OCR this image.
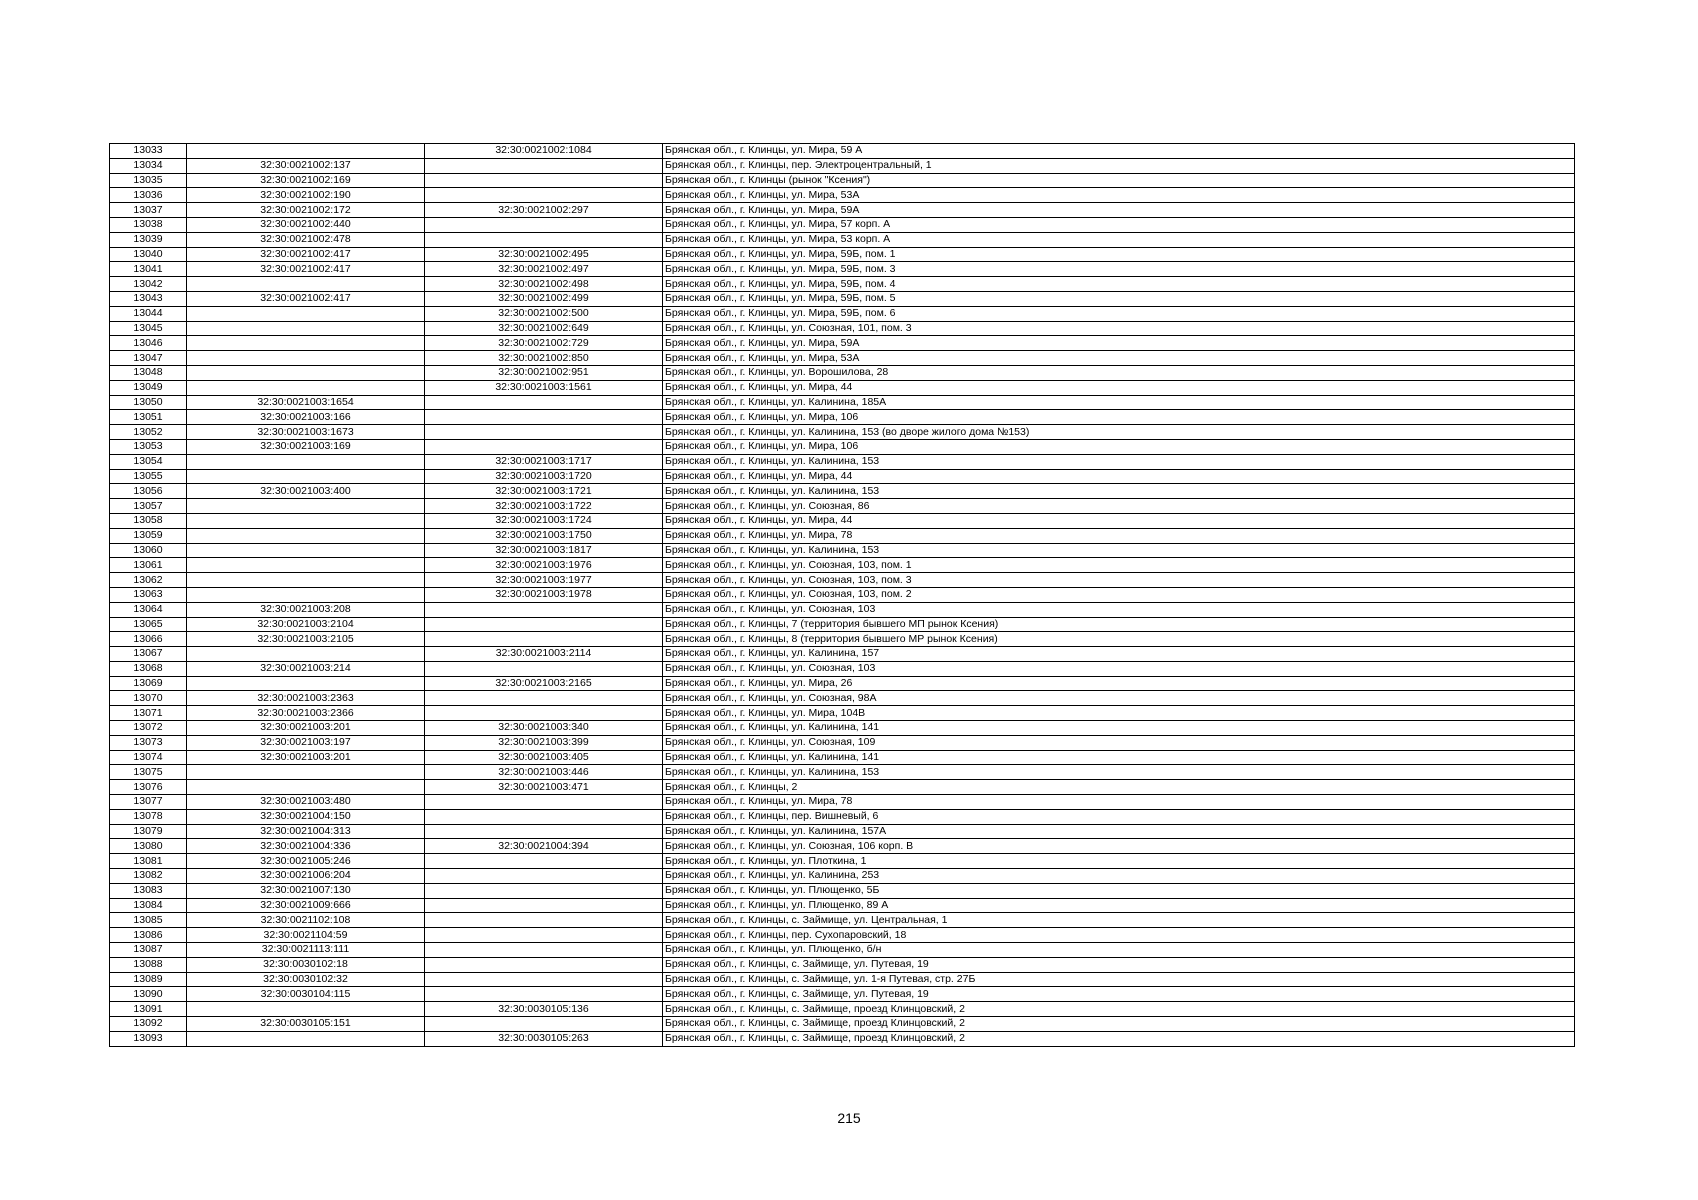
13033		32:30:0021002:1084	Брянская обл., г. Клинцы, ул. Мира, 59 А
13034	32:30:0021002:137		Брянская обл., г. Клинцы, пер. Электроцентральный, 1
13035	32:30:0021002:169		Брянская обл., г. Клинцы (рынок "Ксения")
13036	32:30:0021002:190		Брянская обл., г. Клинцы, ул. Мира, 53А
13037	32:30:0021002:172	32:30:0021002:297	Брянская обл., г. Клинцы, ул. Мира, 59А
13038	32:30:0021002:440		Брянская обл., г. Клинцы, ул. Мира, 57 корп. А
13039	32:30:0021002:478		Брянская обл., г. Клинцы, ул. Мира, 53 корп. А
13040	32:30:0021002:417	32:30:0021002:495	Брянская обл., г. Клинцы, ул. Мира, 59Б, пом. 1
13041	32:30:0021002:417	32:30:0021002:497	Брянская обл., г. Клинцы, ул. Мира, 59Б, пом. 3
13042		32:30:0021002:498	Брянская обл., г. Клинцы, ул. Мира, 59Б, пом. 4
13043	32:30:0021002:417	32:30:0021002:499	Брянская обл., г. Клинцы, ул. Мира, 59Б, пом. 5
13044		32:30:0021002:500	Брянская обл., г. Клинцы, ул. Мира, 59Б, пом. 6
13045		32:30:0021002:649	Брянская обл., г. Клинцы, ул. Союзная, 101, пом. 3
13046		32:30:0021002:729	Брянская обл., г. Клинцы, ул. Мира, 59А
13047		32:30:0021002:850	Брянская обл., г. Клинцы, ул. Мира, 53А
13048		32:30:0021002:951	Брянская обл., г. Клинцы, ул. Ворошилова, 28
13049		32:30:0021003:1561	Брянская обл., г. Клинцы, ул. Мира, 44
13050	32:30:0021003:1654		Брянская обл., г. Клинцы, ул. Калинина, 185А
13051	32:30:0021003:166		Брянская обл., г. Клинцы, ул. Мира, 106
13052	32:30:0021003:1673		Брянская обл., г. Клинцы, ул. Калинина, 153 (во дворе жилого дома №153)
13053	32:30:0021003:169		Брянская обл., г. Клинцы, ул. Мира, 106
13054		32:30:0021003:1717	Брянская обл., г. Клинцы, ул. Калинина, 153
13055		32:30:0021003:1720	Брянская обл., г. Клинцы, ул. Мира, 44
13056	32:30:0021003:400	32:30:0021003:1721	Брянская обл., г. Клинцы, ул. Калинина, 153
13057		32:30:0021003:1722	Брянская обл., г. Клинцы, ул. Союзная, 86
13058		32:30:0021003:1724	Брянская обл., г. Клинцы, ул. Мира, 44
13059		32:30:0021003:1750	Брянская обл., г. Клинцы, ул. Мира, 78
13060		32:30:0021003:1817	Брянская обл., г. Клинцы, ул. Калинина, 153
13061		32:30:0021003:1976	Брянская обл., г. Клинцы, ул. Союзная, 103, пом. 1
13062		32:30:0021003:1977	Брянская обл., г. Клинцы, ул. Союзная, 103, пом. 3
13063		32:30:0021003:1978	Брянская обл., г. Клинцы, ул. Союзная, 103, пом. 2
13064	32:30:0021003:208		Брянская обл., г. Клинцы, ул. Союзная, 103
13065	32:30:0021003:2104		Брянская обл., г. Клинцы, 7 (территория бывшего МП рынок Ксения)
13066	32:30:0021003:2105		Брянская обл., г. Клинцы, 8 (территория бывшего МР рынок Ксения)
13067		32:30:0021003:2114	Брянская обл., г. Клинцы, ул. Калинина, 157
13068	32:30:0021003:214		Брянская обл., г. Клинцы, ул. Союзная, 103
13069		32:30:0021003:2165	Брянская обл., г. Клинцы, ул. Мира, 26
13070	32:30:0021003:2363		Брянская обл., г. Клинцы, ул. Союзная, 98А
13071	32:30:0021003:2366		Брянская обл., г. Клинцы, ул. Мира, 104В
13072	32:30:0021003:201	32:30:0021003:340	Брянская обл., г. Клинцы, ул. Калинина, 141
13073	32:30:0021003:197	32:30:0021003:399	Брянская обл., г. Клинцы, ул. Союзная, 109
13074	32:30:0021003:201	32:30:0021003:405	Брянская обл., г. Клинцы, ул. Калинина, 141
13075		32:30:0021003:446	Брянская обл., г. Клинцы, ул. Калинина, 153
13076		32:30:0021003:471	Брянская обл., г. Клинцы, 2
13077	32:30:0021003:480		Брянская обл., г. Клинцы, ул. Мира, 78
13078	32:30:0021004:150		Брянская обл., г. Клинцы, пер. Вишневый, 6
13079	32:30:0021004:313		Брянская обл., г. Клинцы, ул. Калинина, 157А
13080	32:30:0021004:336	32:30:0021004:394	Брянская обл., г. Клинцы, ул. Союзная, 106 корп. В
13081	32:30:0021005:246		Брянская обл., г. Клинцы, ул. Плоткина, 1
13082	32:30:0021006:204		Брянская обл., г. Клинцы, ул. Калинина, 253
13083	32:30:0021007:130		Брянская обл., г. Клинцы, ул. Плющенко, 5Б
13084	32:30:0021009:666		Брянская обл., г. Клинцы, ул. Плющенко, 89 А
13085	32:30:0021102:108		Брянская обл., г. Клинцы, с. Займище, ул. Центральная, 1
13086	32:30:0021104:59		Брянская обл., г. Клинцы, пер. Сухопаровский, 18
13087	32:30:0021113:111		Брянская обл., г. Клинцы, ул. Плющенко, б/н
13088	32:30:0030102:18		Брянская обл., г. Клинцы, с. Займище, ул. Путевая, 19
13089	32:30:0030102:32		Брянская обл., г. Клинцы, с. Займище, ул. 1-я Путевая, стр. 27Б
13090	32:30:0030104:115		Брянская обл., г. Клинцы, с. Займище, ул. Путевая, 19
13091		32:30:0030105:136	Брянская обл., г. Клинцы, с. Займище, проезд Клинцовский, 2
13092	32:30:0030105:151		Брянская обл., г. Клинцы, с. Займище, проезд Клинцовский, 2
13093		32:30:0030105:263	Брянская обл., г. Клинцы, с. Займище, проезд Клинцовский, 2
215
